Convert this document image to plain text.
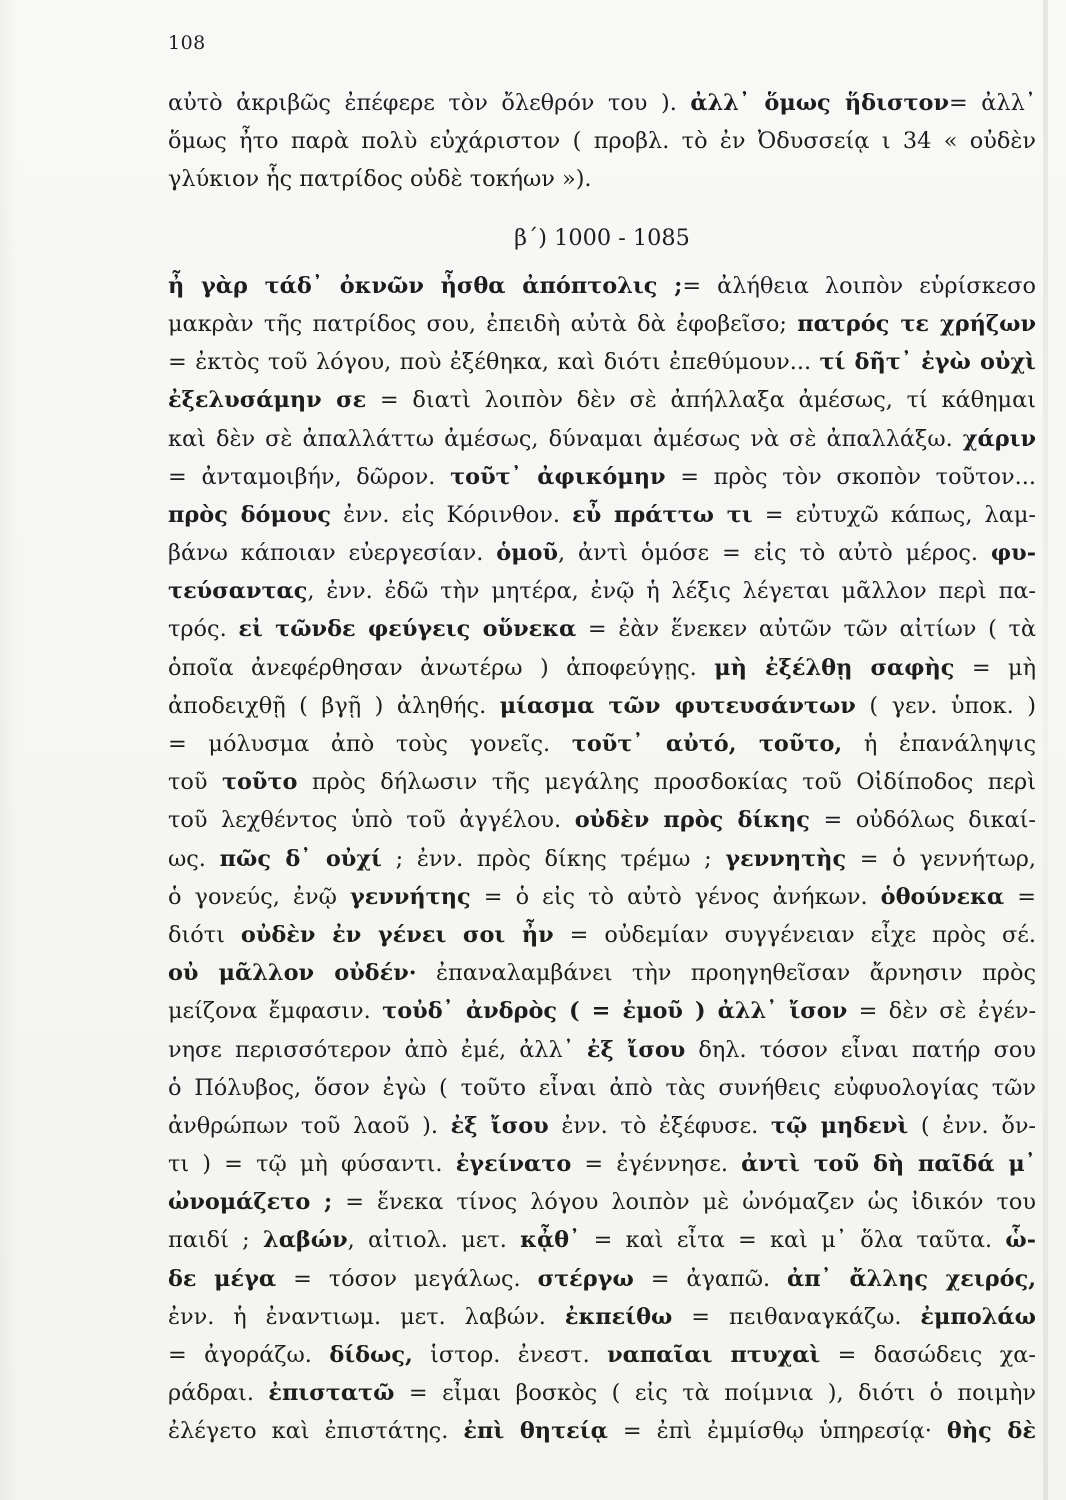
108
αὐτὸ ἀκριβῶς ἐπέφερε τὸν ὄλεθρόν του ). ἀλλ᾽ ὅμως ἥδιστον= ἀλλ᾽
ὅμως ἦτο παρὰ πολὺ εὐχάριστον ( προβλ. τὸ ἐν Ὀδυσσείᾳ ι 34 « οὐδὲν
γλύκιον ἧς πατρίδος οὐδὲ τοκήων »).
β΄) 1000 - 1085
ἦ γὰρ τάδ᾽ ὀκνῶν ἦσθα ἀπόπτολις ;= ἀλήθεια λοιπὸν εὑρίσκεσο
μακρὰν τῆς πατρίδος σου, ἐπειδὴ αὐτὰ δὰ ἐφοβεῖσο; πατρός τε χρήζων
= ἐκτὸς τοῦ λόγου, ποὺ ἐξέθηκα, καὶ διότι ἐπεθύμουν... τί δῆτ᾽ ἐγὼ οὐχὶ
ἐξελυσάμην σε = διατὶ λοιπὸν δὲν σὲ ἀπήλλαξα ἀμέσως, τί κάθημαι
καὶ δὲν σὲ ἀπαλλάττω ἀμέσως, δύναμαι ἀμέσως νὰ σὲ ἀπαλλάξω. χάριν
= ἀνταμοιβήν, δῶρον. τοῦτ᾽ ἀφικόμην = πρὸς τὸν σκοπὸν τοῦτον...
πρὸς δόμους ἐνν. εἰς Κόρινθον. εὖ πράττω τι = εὐτυχῶ κάπως, λαμ-
βάνω κάποιαν εὐεργεσίαν. ὁμοῦ, ἀντὶ ὁμόσε = εἰς τὸ αὐτὸ μέρος. φυ-
τεύσαντας, ἐνν. ἐδῶ τὴν μητέρα, ἐνῷ ἡ λέξις λέγεται μᾶλλον περὶ πα-
τρός. εἰ τῶνδε φεύγεις οὕνεκα = ἐὰν ἕνεκεν αὐτῶν τῶν αἰτίων ( τὰ
ὁποῖα ἀνεφέρθησαν ἀνωτέρω ) ἀποφεύγῃς. μὴ ἐξέλθῃ σαφὴς = μὴ
ἀποδειχθῇ ( βγῇ ) ἀληθής. μίασμα τῶν φυτευσάντων ( γεν. ὑποκ. )
= μόλυσμα ἀπὸ τοὺς γονεῖς. τοῦτ᾽ αὐτό, τοῦτο, ἡ ἐπανάληψις
τοῦ τοῦτο πρὸς δήλωσιν τῆς μεγάλης προσδοκίας τοῦ Οἰδίποδος περὶ
τοῦ λεχθέντος ὑπὸ τοῦ ἀγγέλου. οὐδὲν πρὸς δίκης = οὐδόλως δικαί-
ως. πῶς δ᾽ οὐχί ; ἐνν. πρὸς δίκης τρέμω ; γεννητὴς = ὁ γεννήτωρ,
ὁ γονεύς, ἐνῷ γεννήτης = ὁ εἰς τὸ αὐτὸ γένος ἀνήκων. ὁθούνεκα =
διότι οὐδὲν ἐν γένει σοι ἦν = οὐδεμίαν συγγένειαν εἶχε πρὸς σέ.
οὐ μᾶλλον οὐδέν· ἐπαναλαμβάνει τὴν προηγηθεῖσαν ἄρνησιν πρὸς
μείζονα ἔμφασιν. τοὐδ᾽ ἀνδρὸς ( = ἐμοῦ ) ἀλλ᾽ ἴσον = δὲν σὲ ἐγέν-
νησε περισσότερον ἀπὸ ἐμέ, ἀλλ᾽ ἐξ ἴσου δηλ. τόσον εἶναι πατήρ σου
ὁ Πόλυβος, ὅσον ἐγὼ ( τοῦτο εἶναι ἀπὸ τὰς συνήθεις εὐφυολογίας τῶν
ἀνθρώπων τοῦ λαοῦ ). ἐξ ἴσου ἐνν. τὸ ἐξέφυσε. τῷ μηδενὶ ( ἐνν. ὄν-
τι ) = τῷ μὴ φύσαντι. ἐγείνατο = ἐγέννησε. ἀντὶ τοῦ δὴ παῖδά μ᾽
ὠνομάζετο ; = ἕνεκα τίνος λόγου λοιπὸν μὲ ὠνόμαζεν ὡς ἰδικόν του
παιδί ; λαβών, αἰτιολ. μετ. κᾆθ᾽ = καὶ εἶτα = καὶ μ᾽ ὅλα ταῦτα. ὧ-
δε μέγα = τόσον μεγάλως. στέργω = ἀγαπῶ. ἀπ᾽ ἄλλης χειρός,
ἐνν. ἡ ἐναντιωμ. μετ. λαβών. ἐκπείθω = πειθαναγκάζω. ἐμπολάω
= ἀγοράζω. δίδως, ἱστορ. ἐνεστ. ναπαῖαι πτυχαὶ = δασώδεις χα-
ράδραι. ἐπιστατῶ = εἶμαι βοσκὸς ( εἰς τὰ ποίμνια ), διότι ὁ ποιμὴν
ἐλέγετο καὶ ἐπιστάτης. ἐπὶ θητείᾳ = ἐπὶ ἐμμίσθῳ ὑπηρεσίᾳ· θὴς δὲ
